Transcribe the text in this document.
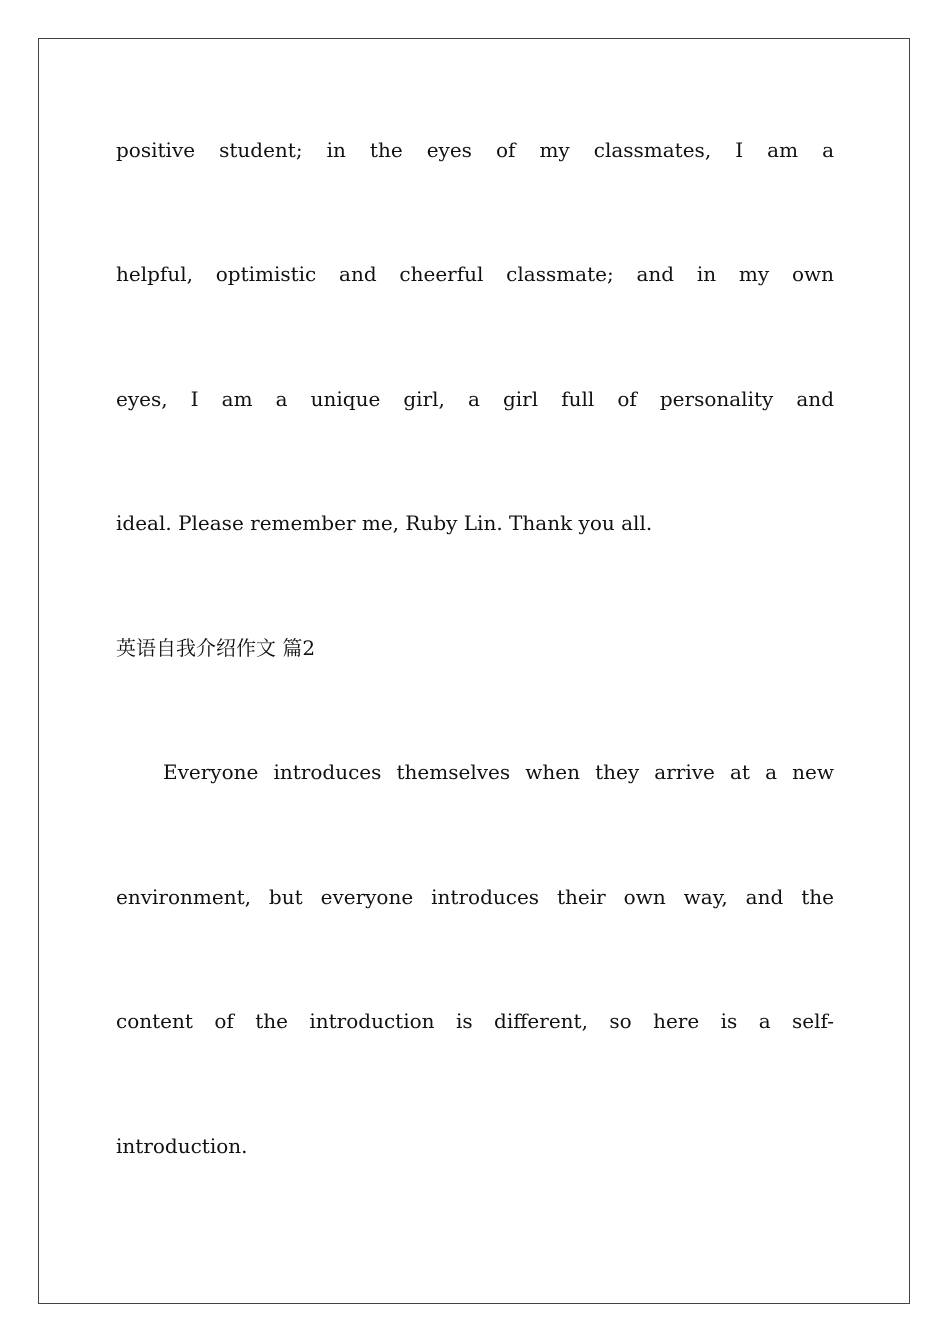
positive student; in the eyes of my classmates, I am a
helpful, optimistic and cheerful classmate; and in my own
eyes, I am a unique girl, a girl full of personality and
ideal. Please remember me, Ruby Lin. Thank you all.
英语自我介绍作文 篇2
Everyone introduces themselves when they arrive at a new
environment, but everyone introduces their own way, and the
content of the introduction is different, so here is a self-
introduction.
